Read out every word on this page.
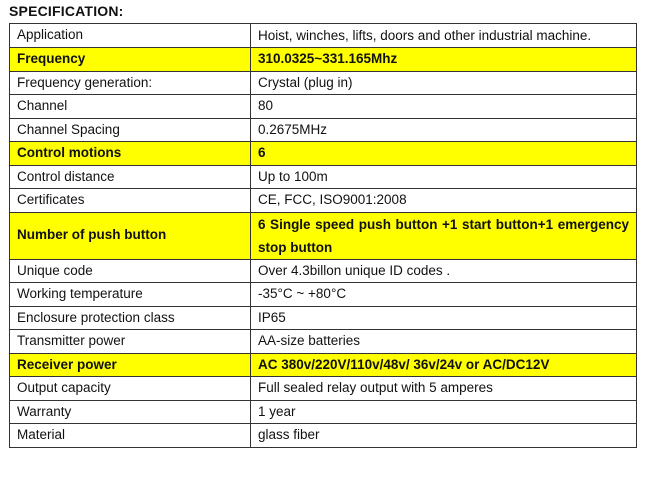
SPECIFICATION:
Application	Hoist, winches, lifts, doors and other industrial machine.
Frequency	310.0325~331.165Mhz
Frequency generation:	Crystal (plug in)
Channel	80
Channel Spacing	0.2675MHz
Control motions	6
Control distance	Up to 100m
Certificates	CE, FCC, ISO9001:2008
Number of push button	6 Single speed push button +1 start button+1 emergency stop button
Unique code	Over 4.3billon unique ID codes .
Working temperature	-35°C ~ +80°C
Enclosure protection class	IP65
Transmitter power	AA-size batteries
Receiver power	AC 380v/220V/110v/48v/ 36v/24v or AC/DC12V
Output capacity	Full sealed relay output with 5 amperes
Warranty	1 year
Material	glass fiber
